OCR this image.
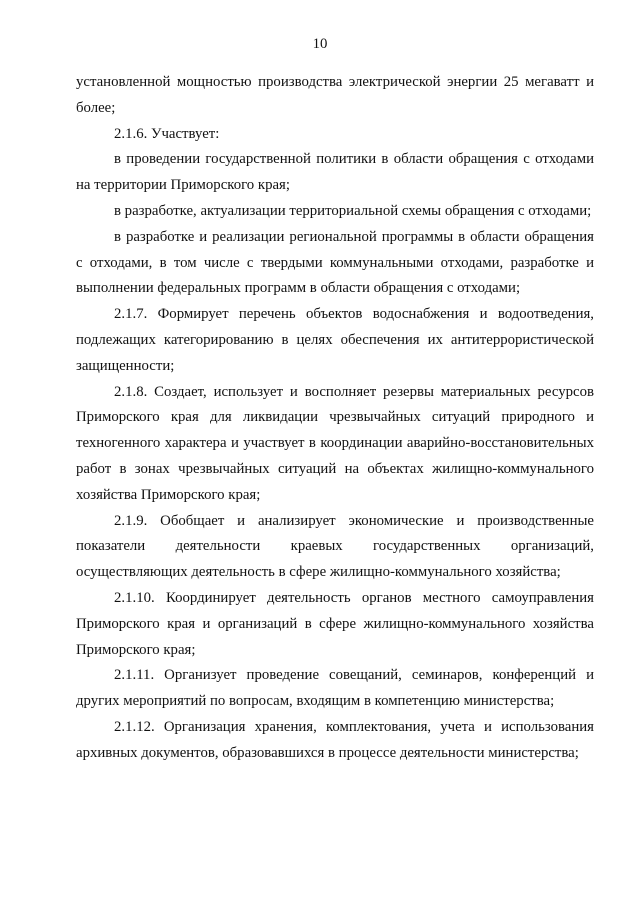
10

установленной мощностью производства электрической энергии 25 мегаватт и более;

2.1.6. Участвует:

в проведении государственной политики в области обращения с отходами на территории Приморского края;

в разработке, актуализации территориальной схемы обращения с отходами;

в разработке и реализации региональной программы в области обращения с отходами, в том числе с твердыми коммунальными отходами, разработке и выполнении федеральных программ в области обращения с отходами;

2.1.7. Формирует перечень объектов водоснабжения и водоотведения, подлежащих категорированию в целях обеспечения их антитеррористической защищенности;

2.1.8. Создает, использует и восполняет резервы материальных ресурсов Приморского края для ликвидации чрезвычайных ситуаций природного и техногенного характера и участвует в координации аварийно-восстановительных работ в зонах чрезвычайных ситуаций на объектах жилищно-коммунального хозяйства Приморского края;

2.1.9. Обобщает и анализирует экономические и производственные показатели деятельности краевых государственных организаций, осуществляющих деятельность в сфере жилищно-коммунального хозяйства;

2.1.10. Координирует деятельность органов местного самоуправления Приморского края и организаций в сфере жилищно-коммунального хозяйства Приморского края;

2.1.11. Организует проведение совещаний, семинаров, конференций и других мероприятий по вопросам, входящим в компетенцию министерства;

2.1.12. Организация хранения, комплектования, учета и использования архивных документов, образовавшихся в процессе деятельности министерства;
